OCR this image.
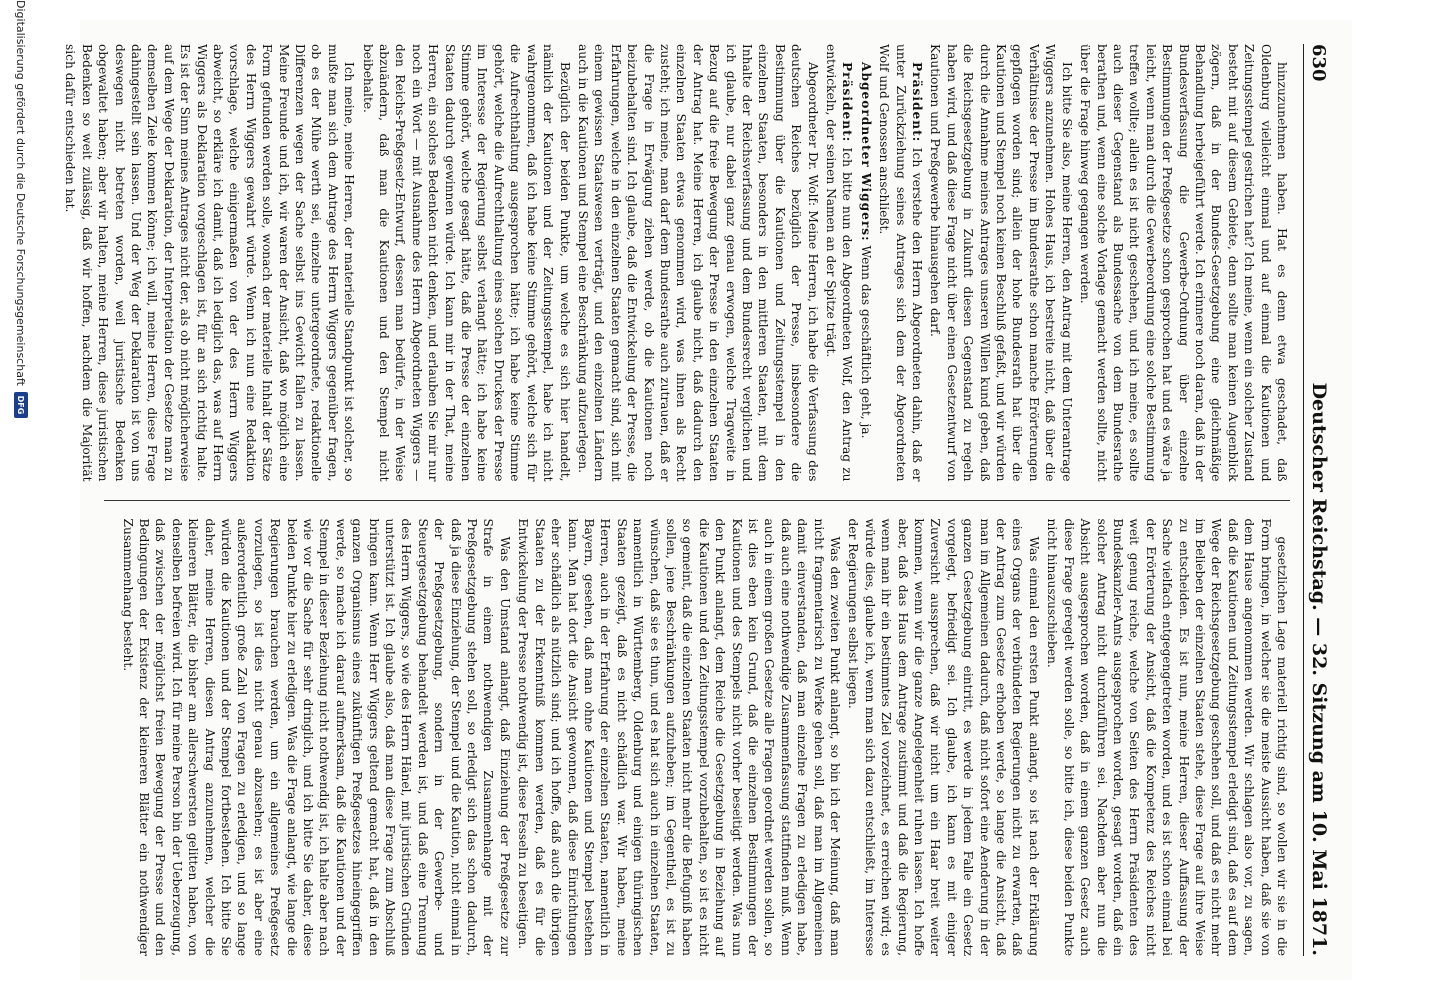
630
Deutscher Reichstag. — 32. Sitzung am 10. Mai 1871.

hinzuzunehmen haben. Hat es denn etwa geschadet, daß Oldenburg vielleicht einmal und auf einmal die Kautionen und Zeitungsstempel gestrichen hat? Ich meine, wenn ein solcher Zustand besteht mit auf diesem Gebiete, denn sollte man keinen Augenblick zögern, daß in der Bundes-Gesetzgebung eine gleichmäßige Behandlung herbeigeführt werde. Ich erinnere noch daran, daß in der Bundesverfassung die Gewerbe-Ordnung über einzelne Bestimmungen der Preßgesetze schon gesprochen hat und es wäre ja leicht, wenn man durch die Gewerbeordnung eine solche Bestimmung treffen wollte; allein es ist nicht geschehen, und ich meine, es sollte auch dieser Gegenstand als Bundessache von dem Bundesrathe berathen und, wenn eine solche Vorlage gemacht werden sollte, nicht über die Frage hinweg gegangen werden.

Ich bitte Sie also, meine Herren, den Antrag mit dem Unterantrage Wiggers anzunehmen. Hohes Haus, ich bestreite nicht, daß über die Verhältnisse der Presse im Bundesrathe schon manche Erörterungen gepflogen worden sind; allein der hohe Bundesrath hat über die Kautionen und Stempel noch keinen Beschluß gefaßt, und wir würden durch die Annahme meines Antrages unseren Willen kund geben, daß die Reichsgesetzgebung in Zukunft diesen Gegenstand zu regeln haben wird, und daß diese Frage nicht über einen Gesetzentwurf von Kautionen und Preßgewerbe hinausgehen darf.

Präsident: Ich verstehe den Herrn Abgeordneten dahin, daß er unter Zurückziehung seines Antrages sich dem der Abgeordneten Wolf und Genossen anschließt.

Abgeordneter Wiggers: Wenn das geschäftlich geht, ja.

Präsident: Ich bitte nun den Abgeordneten Wolf, den Antrag zu entwickeln, der seinen Namen an der Spitze trägt.

Abgeordneter Dr. Wolf: Meine Herren, ich habe die Verfassung des deutschen Reiches bezüglich der Presse, insbesondere die Bestimmung über die Kautionen und Zeitungsstempel in den einzelnen Staaten, besonders in den mittleren Staaten, mit dem Inhalte der Reichsverfassung und dem Bundesrecht verglichen und ich glaube, nur dabei ganz genau erwogen, welche Tragweite in Bezug auf die freie Bewegung der Presse in den einzelnen Staaten der Antrag hat. Meine Herren, ich glaube nicht, daß dadurch den einzelnen Staaten etwas genommen wird, was ihnen als Recht zusteht; ich meine, man darf dem Bundesrathe auch zutrauen, daß er die Frage in Erwägung ziehen werde, ob die Kautionen noch beizubehalten sind. Ich glaube, daß die Entwickelung der Presse, die Erfahrungen, welche in den einzelnen Staaten gemacht sind, sich mit einem gewissen Staatswesen verträgt, und den einzelnen Ländern auch in die Kautionen und Stempel eine Beschränkung aufzuerlegen.

Bezüglich der beiden Punkte, um welche es sich hier handelt, nämlich der Kautionen und der Zeitungsstempel, habe ich nicht wahrgenommen, daß ich habe keine Stimme gehört, welche sich für die Aufrechthaltung ausgesprochen hätte; ich habe keine Stimme gehört, welche die Aufrechthaltung eines solchen Druckes der Presse im Interesse der Regierung selbst verlangt hätte; ich habe keine Stimme gehört, welche gesagt hätte, daß die Presse der einzelnen Staaten dadurch gewinnen würde. Ich kann mir in der That, meine Herren, ein solches Bedenken nicht denken, und erlauben Sie mir nur noch ein Wort — mit Ausnahme des Herrn Abgeordneten Wiggers — den Reichs-Preßgesetz-Entwurf, dessen man bedürfe, in der Weise abzuändern, daß man die Kautionen und den Stempel nicht beibehalte.

Ich meine, meine Herren, der materielle Standpunkt ist solcher, so mußte man sich dem Antrage des Herrn Wiggers gegenüber fragen, ob es der Mühe werth sei, einzelne untergeordnete, redaktionelle Differenzen wegen der Sache selbst ins Gewicht fallen zu lassen. Meine Freunde und ich, wir waren der Ansicht, daß wo möglich eine Form gefunden werden solle, wonach der materielle Inhalt der Sätze des Herrn Wiggers gewahrt würde. Wenn ich nun eine Redaktion vorschlage, welche einigermaßen von der des Herrn Wiggers abweicht, so erkläre ich damit, daß ich lediglich das, was auf Herrn Wiggers als Deklaration vorgeschlagen ist, für an sich richtig halte. Es ist der Sinn meines Antrages nicht der, als ob nicht möglicherweise auf dem Wege der Deklaration, der Interpretation der Gesetze man zu demselben Ziele kommen könne; ich will, meine Herren, diese Frage dahingestellt sein lassen. Und der Weg der Deklaration ist von uns deswegen nicht betreten worden, weil juristische Bedenken obgewaltet haben; aber wir halten, meine Herren, diese juristischen Bedenken so weit zulässig, daß wir hoffen, nachdem die Majorität sich dafür entschieden hat.

gesetzlichen Lage materiell richtig sind, so wollen wir sie in die Form bringen, in welcher sie die meiste Aussicht haben, daß sie von dem Hause angenommen werden. Wir schlagen also vor, zu sagen, daß die Kautionen und Zeitungsstempel erledigt sind, daß es auf dem Wege der Reichsgesetzgebung geschehen soll, und daß es nicht mehr im Belieben der einzelnen Staaten stehe, diese Frage auf ihre Weise zu entscheiden. Es ist nun, meine Herren, dieser Auffassung der Sache vielfach entgegengetreten worden, und es ist schon einmal bei der Erörterung der Ansicht, daß die Kompetenz des Reiches nicht weit genug reiche, welche von Seiten des Herrn Präsidenten des Bundeskanzler-Amts ausgesprochen worden, gesagt worden, daß ein solcher Antrag nicht durchzuführen sei. Nachdem aber nun die Absicht ausgesprochen worden, daß in einem ganzen Gesetz auch diese Frage geregelt werden solle, so bitte ich, diese beiden Punkte nicht hinauszuschieben.

Was einmal den ersten Punkt anlangt, so ist nach der Erklärung eines Organs der verbündeten Regierungen nicht zu erwarten, daß der Antrag zum Gesetze erhoben werde, so lange die Ansicht, daß man im Allgemeinen dadurch, daß nicht sofort eine Aenderung in der ganzen Gesetzgebung eintritt, es werde in jedem Falle ein Gesetz vorgelegt, befriedigt sei. Ich glaube, ich kann es mit einiger Zuversicht aussprechen, daß wir nicht um ein Haar breit weiter kommen, wenn wir die ganze Angelegenheit ruhen lassen. Ich hoffe aber, daß das Haus dem Antrage zustimmt und daß die Regierung, wenn man ihr ein bestimmtes Ziel vorzeichnet, es erreichen wird; es würde dies, glaube ich, wenn man sich dazu entschließt, im Interesse der Regierungen selbst liegen.

Was den zweiten Punkt anlangt, so bin ich der Meinung, daß man nicht fragmentarisch zu Werke gehen soll, daß man im Allgemeinen damit einverstanden, daß man einzelne Fragen zu erledigen habe, daß auch eine nothwendige Zusammenfassung stattfinden muß. Wenn auch in einem großen Gesetze alle Fragen geordnet werden sollen, so ist dies eben kein Grund, daß die einzelnen Bestimmungen der Kautionen und des Stempels nicht vorher beseitigt werden. Was nun den Punkt anlangt, dem Reiche die Gesetzgebung in Beziehung auf die Kautionen und den Zeitungsstempel vorzubehalten, so ist es nicht so gemeint, daß die einzelnen Staaten nicht mehr die Befugniß haben sollen, jene Beschränkungen aufzuheben; im Gegentheil, es ist zu wünschen, daß sie es thun, und es hat sich auch in einzelnen Staaten, namentlich in Württemberg, Oldenburg und einigen thüringischen Staaten gezeigt, daß es nicht schädlich war. Wir haben, meine Herren, auch in der Erfahrung der einzelnen Staaten, namentlich in Bayern, gesehen, daß man ohne Kautionen und Stempel bestehen kann. Man hat dort die Ansicht gewonnen, daß diese Einrichtungen eher schädlich als nützlich sind; und ich hoffe, daß auch die übrigen Staaten zu der Erkenntniß kommen werden, daß es für die Entwickelung der Presse nothwendig ist, diese Fesseln zu beseitigen.

Was den Umstand anlangt, daß Einziehung der Preßgesetze zur Strafe in einem nothwendigen Zusammenhange mit der Preßgesetzgebung stehen soll, so erledigt sich das schon dadurch, daß ja diese Einziehung, der Stempel und die Kaution, nicht einmal in der Preßgesetzgebung, sondern in der Gewerbe- und Steuergesetzgebung behandelt werden ist, und daß eine Trennung des Herrn Wiggers, so wie des Herrn Hänel, mit juristischen Gründen unterstützt ist. Ich glaube also, daß man diese Frage zum Abschluß bringen kann. Wenn Herr Wiggers geltend gemacht hat, daß in den ganzen Organismus eines zukünftigen Preßgesetzes hineingegriffen werde, so mache ich darauf aufmerksam, daß die Kautionen und der Stempel in dieser Beziehung nicht nothwendig ist, ich halte aber nach wie vor die Sache für sehr dringlich, und ich bitte Sie daher, diese beiden Punkte hier zu erledigen. Was die Frage anlangt, wie lange die Regierungen brauchen werden, um ein allgemeines Preßgesetz vorzulegen, so ist dies nicht genau abzusehen; es ist aber eine außerordentlich große Zahl von Fragen zu erledigen, und so lange würden die Kautionen und der Stempel fortbestehen. Ich bitte Sie daher, meine Herren, diesen Antrag anzunehmen, welcher die kleineren Blätter, die bisher am allerschwersten gelitten haben, von denselben befreien wird. Ich für meine Person bin der Ueberzeugung, daß zwischen der möglichst freien Bewegung der Presse und den Bedingungen der Existenz der kleineren Blätter ein nothwendiger Zusammenhang besteht.

Digitalisierung gefördert durch die Deutsche Forschungsgemeinschaft
DFG
